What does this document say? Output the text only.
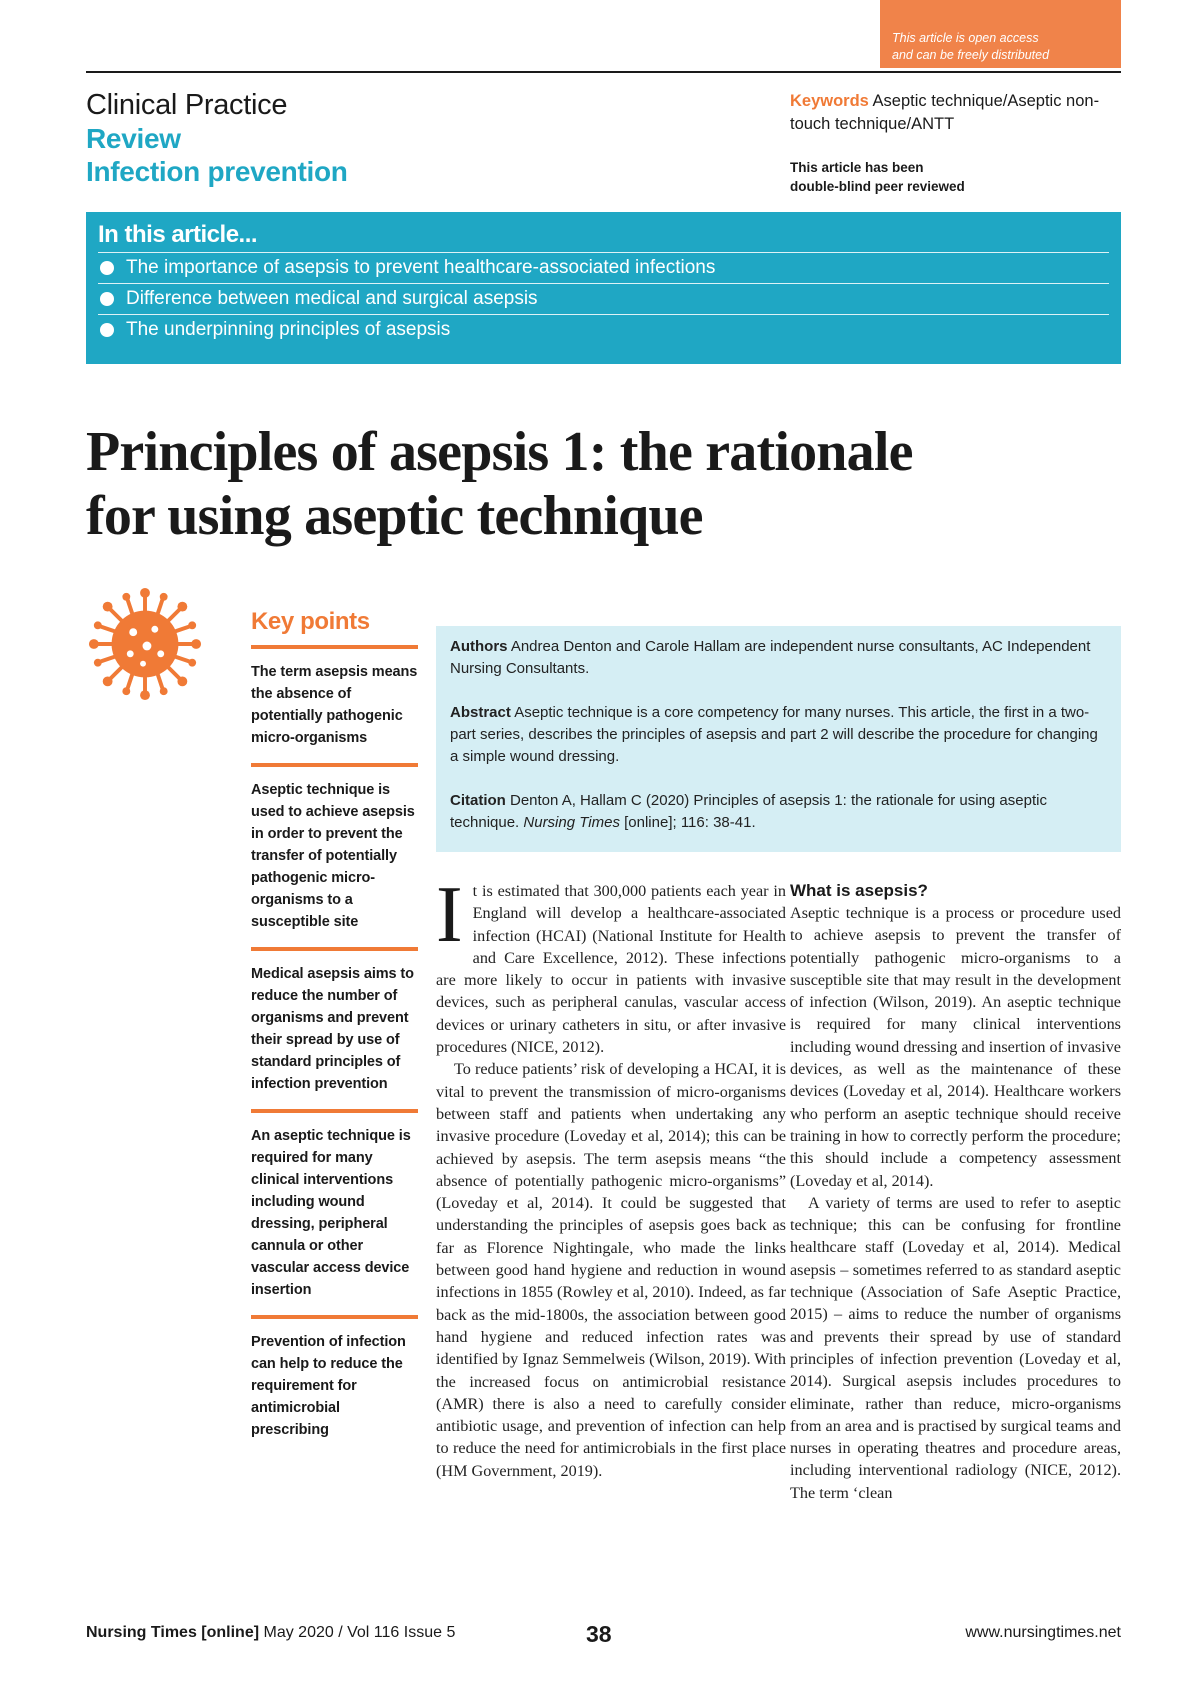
This article is open access
and can be freely distributed
Clinical Practice
Review
Infection prevention
Keywords Aseptic technique/Aseptic non-touch technique/ANTT
This article has been
double-blind peer reviewed
In this article...
The importance of asepsis to prevent healthcare-associated infections
Difference between medical and surgical asepsis
The underpinning principles of asepsis
Principles of asepsis 1: the rationale
for using aseptic technique
Key points
The term asepsis means the absence of potentially pathogenic micro-organisms
Aseptic technique is used to achieve asepsis in order to prevent the transfer of potentially pathogenic micro-organisms to a susceptible site
Medical asepsis aims to reduce the number of organisms and prevent their spread by use of standard principles of infection prevention
An aseptic technique is required for many clinical interventions including wound dressing, peripheral cannula or other vascular access device insertion
Prevention of infection can help to reduce the requirement for antimicrobial prescribing

Authors Andrea Denton and Carole Hallam are independent nurse consultants, AC Independent Nursing Consultants.

Abstract Aseptic technique is a core competency for many nurses. This article, the first in a two-part series, describes the principles of asepsis and part 2 will describe the procedure for changing a simple wound dressing.

Citation Denton A, Hallam C (2020) Principles of asepsis 1: the rationale for using aseptic technique. Nursing Times [online]; 116: 38-41.

It is estimated that 300,000 patients each year in England will develop a healthcare-associated infection (HCAI) (National Institute for Health and Care Excellence, 2012). These infections are more likely to occur in patients with invasive devices, such as peripheral canulas, vascular access devices or urinary catheters in situ, or after invasive procedures (NICE, 2012).

To reduce patients’ risk of developing a HCAI, it is vital to prevent the transmission of micro-organisms between staff and patients when undertaking any invasive procedure (Loveday et al, 2014); this can be achieved by asepsis. The term asepsis means “the absence of potentially pathogenic micro-organisms” (Loveday et al, 2014). It could be suggested that understanding the principles of asepsis goes back as far as Florence Nightingale, who made the links between good hand hygiene and reduction in wound infections in 1855 (Rowley et al, 2010). Indeed, as far back as the mid-1800s, the association between good hand hygiene and reduced infection rates was identified by Ignaz Semmelweis (Wilson, 2019). With the increased focus on antimicrobial resistance (AMR) there is also a need to carefully consider antibiotic usage, and prevention of infection can help to reduce the need for antimicrobials in the first place (HM Government, 2019).

What is asepsis?

Aseptic technique is a process or procedure used to achieve asepsis to prevent the transfer of potentially pathogenic micro-organisms to a susceptible site that may result in the development of infection (Wilson, 2019). An aseptic technique is required for many clinical interventions including wound dressing and insertion of invasive devices, as well as the maintenance of these devices (Loveday et al, 2014). Healthcare workers who perform an aseptic technique should receive training in how to correctly perform the procedure; this should include a competency assessment (Loveday et al, 2014).

A variety of terms are used to refer to aseptic technique; this can be confusing for frontline healthcare staff (Loveday et al, 2014). Medical asepsis – sometimes referred to as standard aseptic technique (Association of Safe Aseptic Practice, 2015) – aims to reduce the number of organisms and prevents their spread by use of standard principles of infection prevention (Loveday et al, 2014). Surgical asepsis includes procedures to eliminate, rather than reduce, micro-organisms from an area and is practised by surgical teams and nurses in operating theatres and procedure areas, including interventional radiology (NICE, 2012). The term ‘clean

Nursing Times [online] May 2020 / Vol 116 Issue 5	38	www.nursingtimes.net
